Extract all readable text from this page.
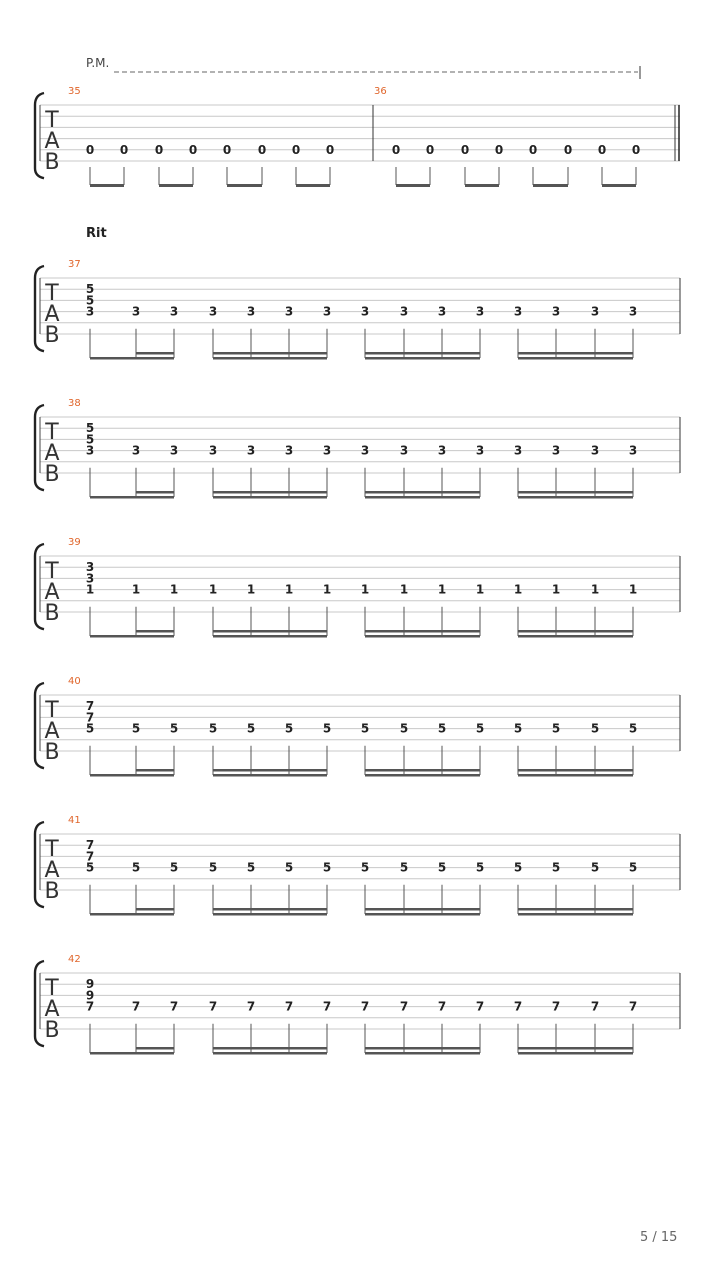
P.M.
Rit
T
A
B
35
0 0 0 0 0 0 0 0
36
0 0 0 0 0 0 0 0
T
A
B
37
5
5
3	3 3	3 3 3 3 3	3 3 3 3 3	3 3
T
A
B
38
5
5
3	3 3	3 3 3 3 3	3 3 3 3 3	3 3
T
A
B
39
3
3
1	1 1	1 1 1 1 1	1 1 1 1 1	1 1
T
A
B
40
7
7
5	5 5	5 5 5 5 5	5 5 5 5 5	5 5
T
A
B
41
7
7
5	5 5	5 5 5 5 5	5 5 5 5 5	5 5
T
A
B
42
9
9
7	7 7	7 7 7 7 7	7 7 7 7 7	7 7
5 / 15
